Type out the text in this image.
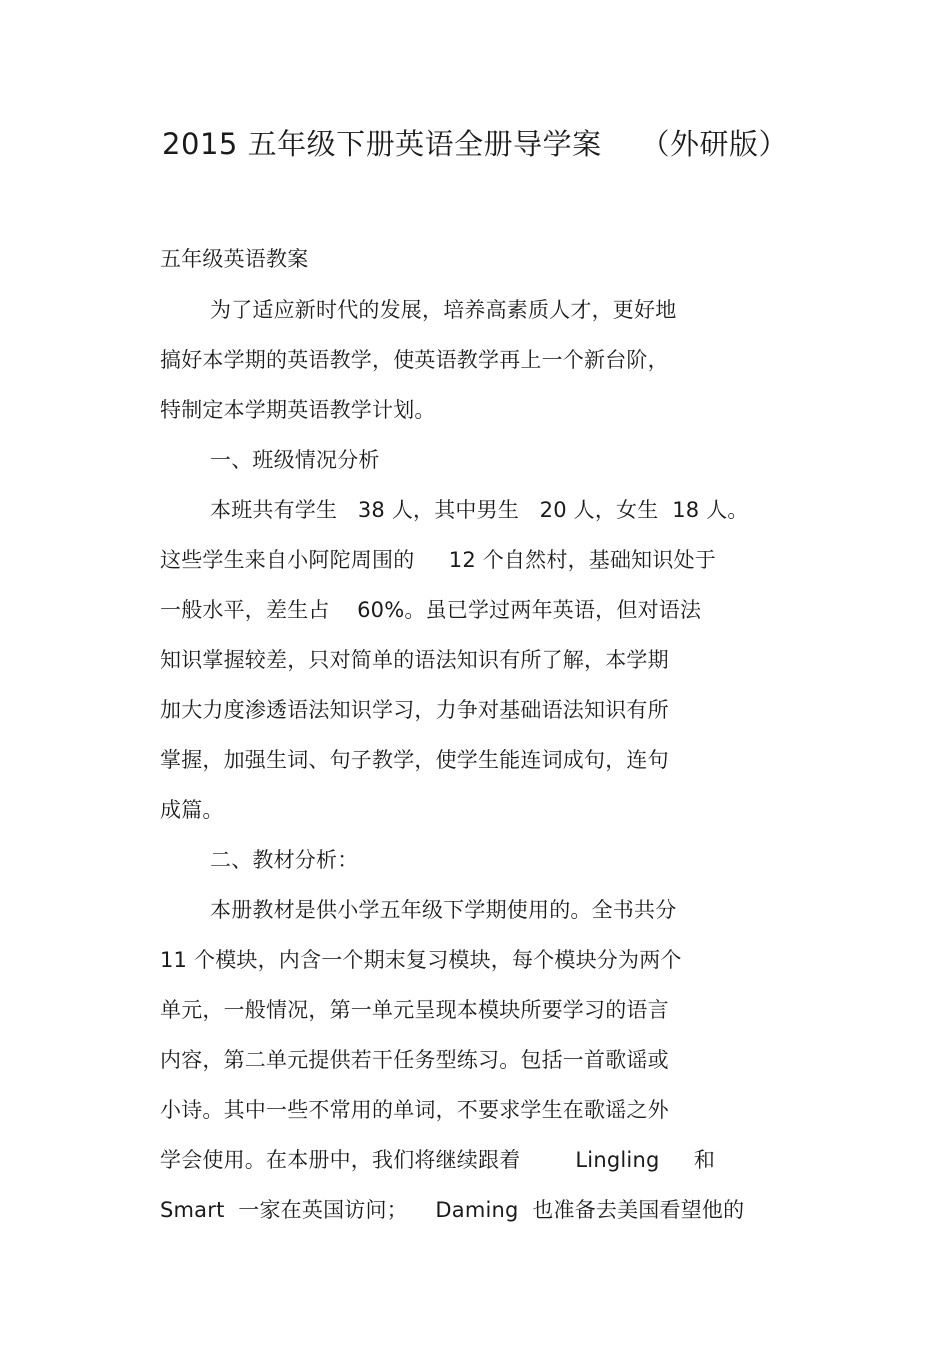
2015 五年级下册英语全册导学案    （外研版）
五年级英语教案
为了适应新时代的发展，培养高素质人才，更好地
搞好本学期的英语教学，使英语教学再上一个新台阶，
特制定本学期英语教学计划。
一、班级情况分析
本班共有学生   38 人，其中男生   20 人，女生  18 人。
这些学生来自小阿陀周围的     12 个自然村，基础知识处于
一般水平，差生占    60%。虽已学过两年英语，但对语法
知识掌握较差，只对简单的语法知识有所了解，本学期
加大力度渗透语法知识学习，力争对基础语法知识有所
掌握，加强生词、句子教学，使学生能连词成句，连句
成篇。
二、教材分析：
本册教材是供小学五年级下学期使用的。全书共分
11 个模块，内含一个期末复习模块，每个模块分为两个
单元，一般情况，第一单元呈现本模块所要学习的语言
内容，第二单元提供若干任务型练习。包括一首歌谣或
小诗。其中一些不常用的单词，不要求学生在歌谣之外
学会使用。在本册中，我们将继续跟着        Lingling     和
Smart  一家在英国访问；    Daming  也准备去美国看望他的
